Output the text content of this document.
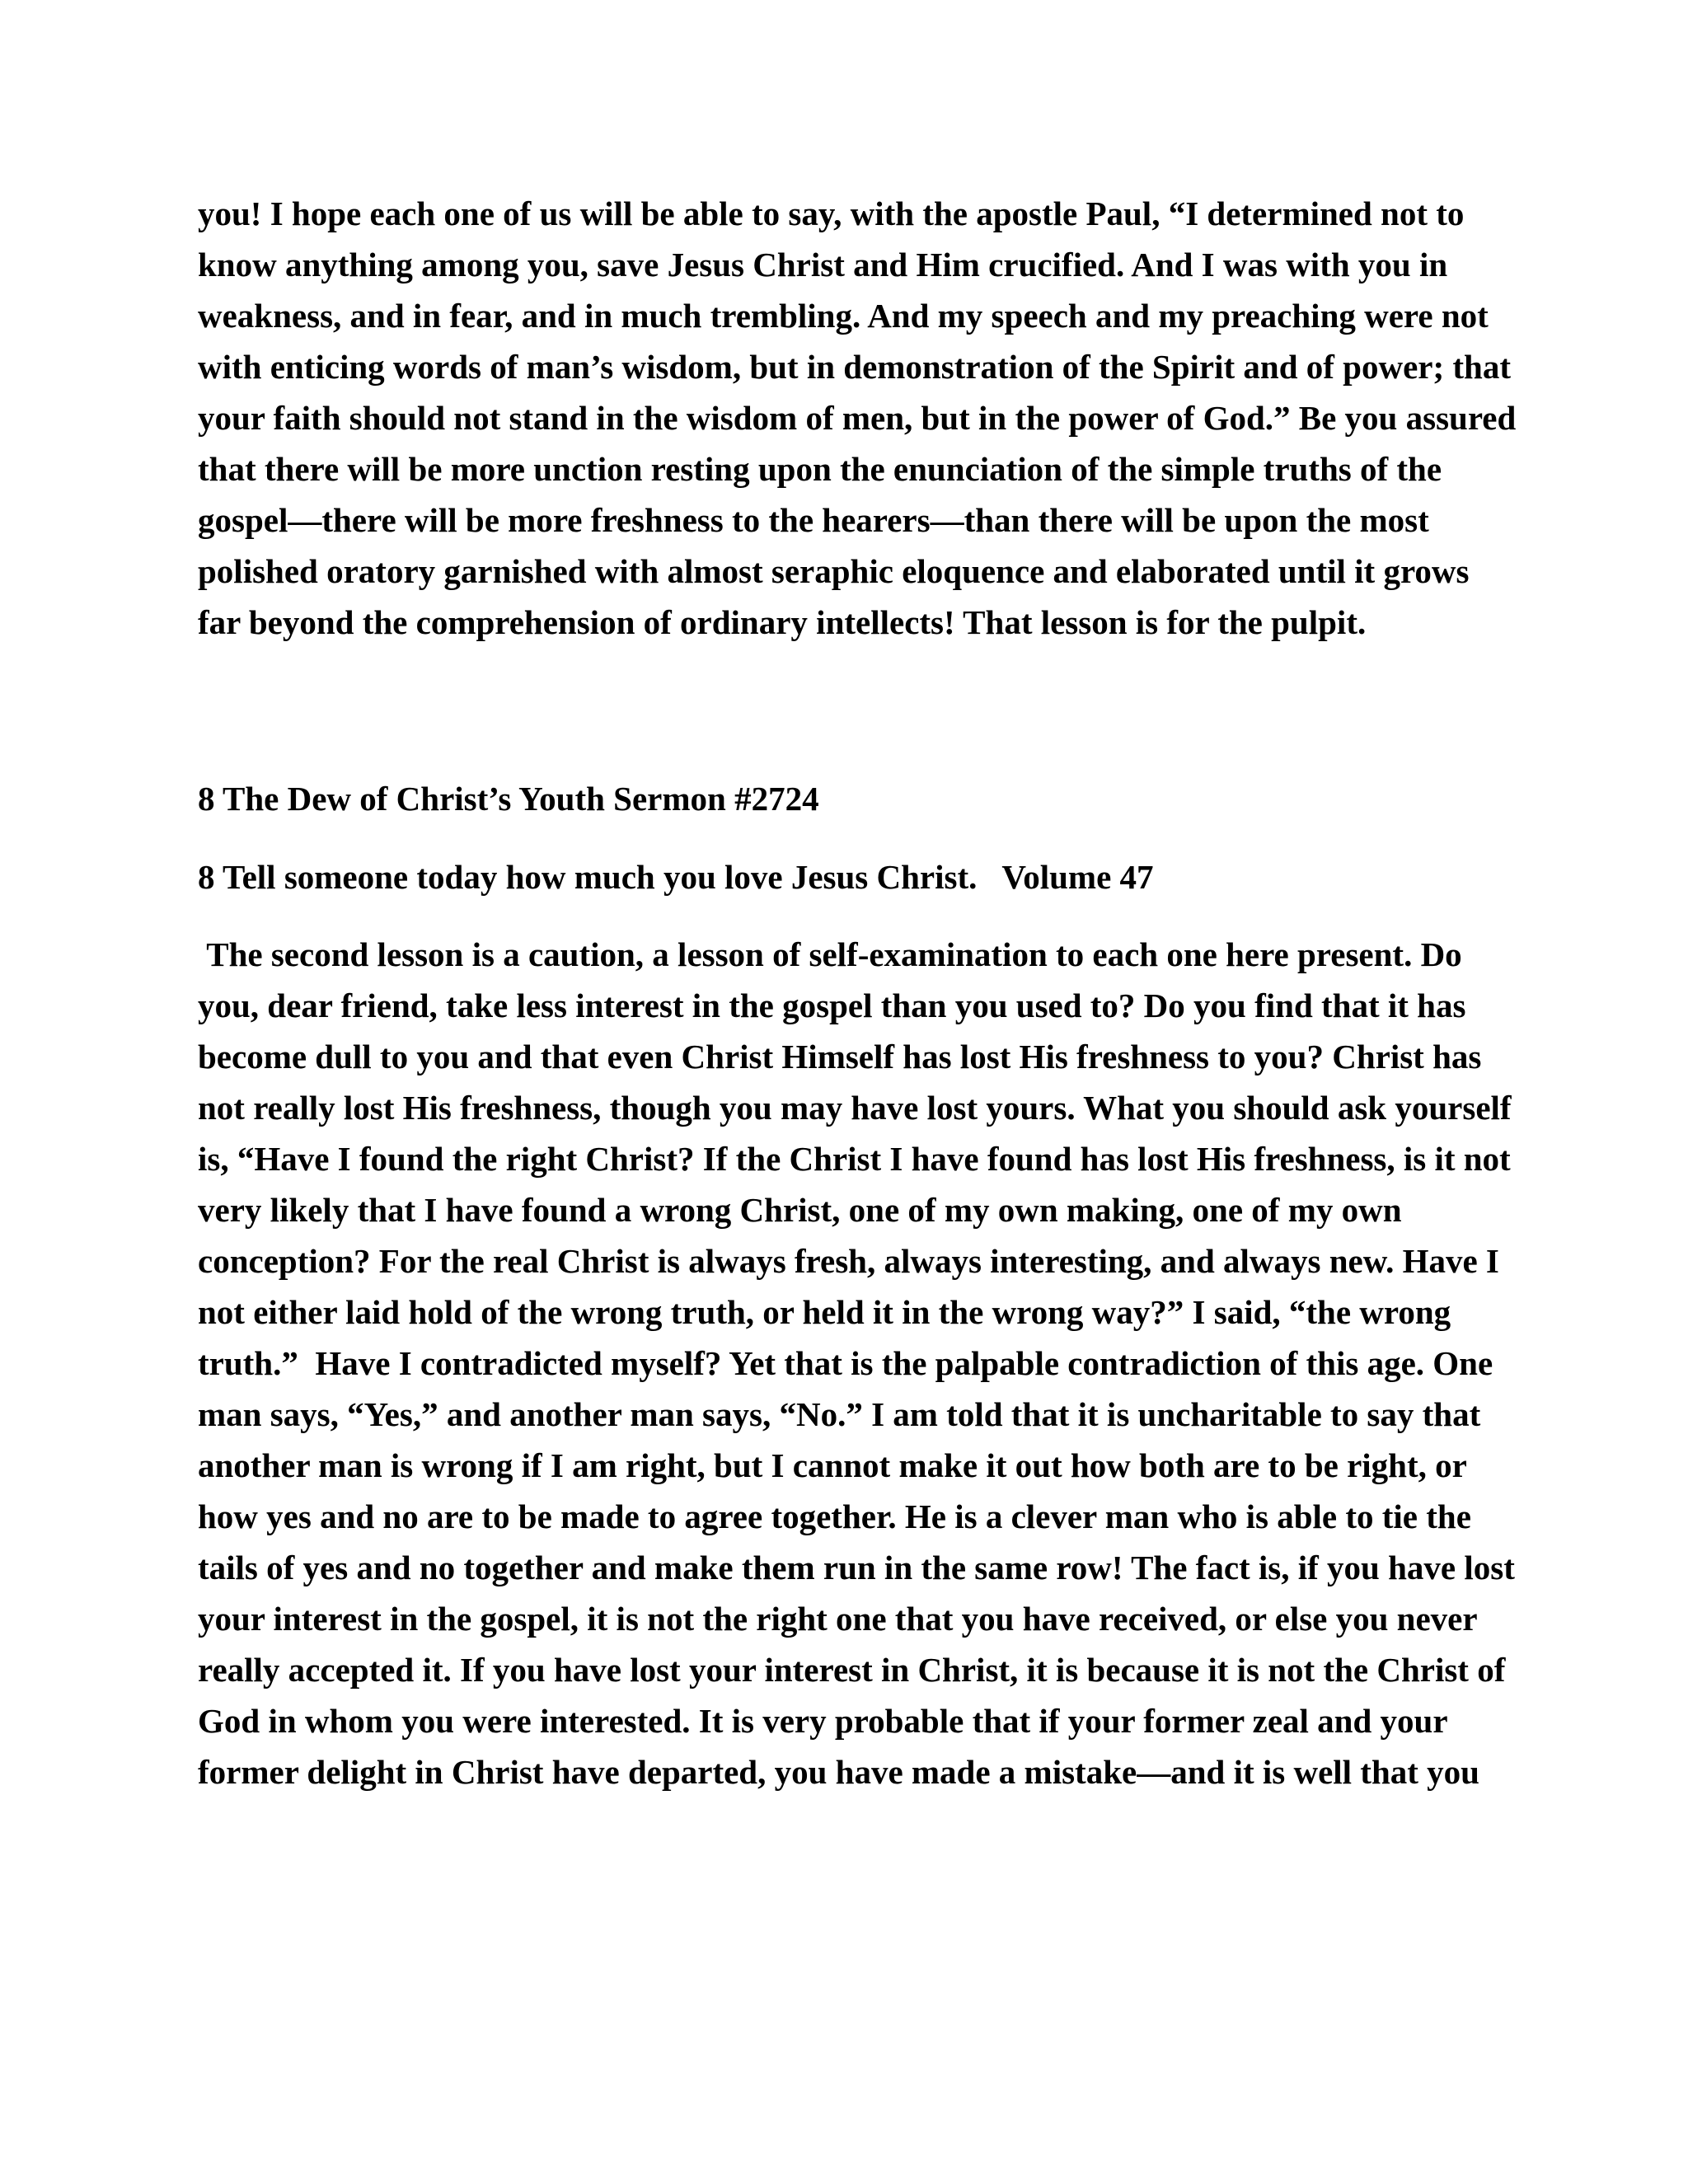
you! I hope each one of us will be able to say, with the apostle Paul, “I determined not to know anything among you, save Jesus Christ and Him crucified. And I was with you in weakness, and in fear, and in much trembling. And my speech and my preaching were not with enticing words of man’s wisdom, but in demonstration of the Spirit and of power; that your faith should not stand in the wisdom of men, but in the power of God.” Be you assured that there will be more unction resting upon the enunciation of the simple truths of the gospel—there will be more freshness to the hearers—than there will be upon the most polished oratory garnished with almost seraphic eloquence and elaborated until it grows far beyond the comprehension of ordinary intellects! That lesson is for the pulpit.

8 The Dew of Christ’s Youth Sermon #2724
8 Tell someone today how much you love Jesus Christ.   Volume 47

The second lesson is a caution, a lesson of self-examination to each one here present. Do you, dear friend, take less interest in the gospel than you used to? Do you find that it has become dull to you and that even Christ Himself has lost His freshness to you? Christ has not really lost His freshness, though you may have lost yours. What you should ask yourself is, “Have I found the right Christ? If the Christ I have found has lost His freshness, is it not very likely that I have found a wrong Christ, one of my own making, one of my own conception? For the real Christ is always fresh, always interesting, and always new. Have I not either laid hold of the wrong truth, or held it in the wrong way?” I said, “the wrong truth.”  Have I contradicted myself? Yet that is the palpable contradiction of this age. One man says, “Yes,” and another man says, “No.” I am told that it is uncharitable to say that another man is wrong if I am right, but I cannot make it out how both are to be right, or how yes and no are to be made to agree together. He is a clever man who is able to tie the tails of yes and no together and make them run in the same row! The fact is, if you have lost your interest in the gospel, it is not the right one that you have received, or else you never really accepted it. If you have lost your interest in Christ, it is because it is not the Christ of God in whom you were interested. It is very probable that if your former zeal and your former delight in Christ have departed, you have made a mistake—and it is well that you
